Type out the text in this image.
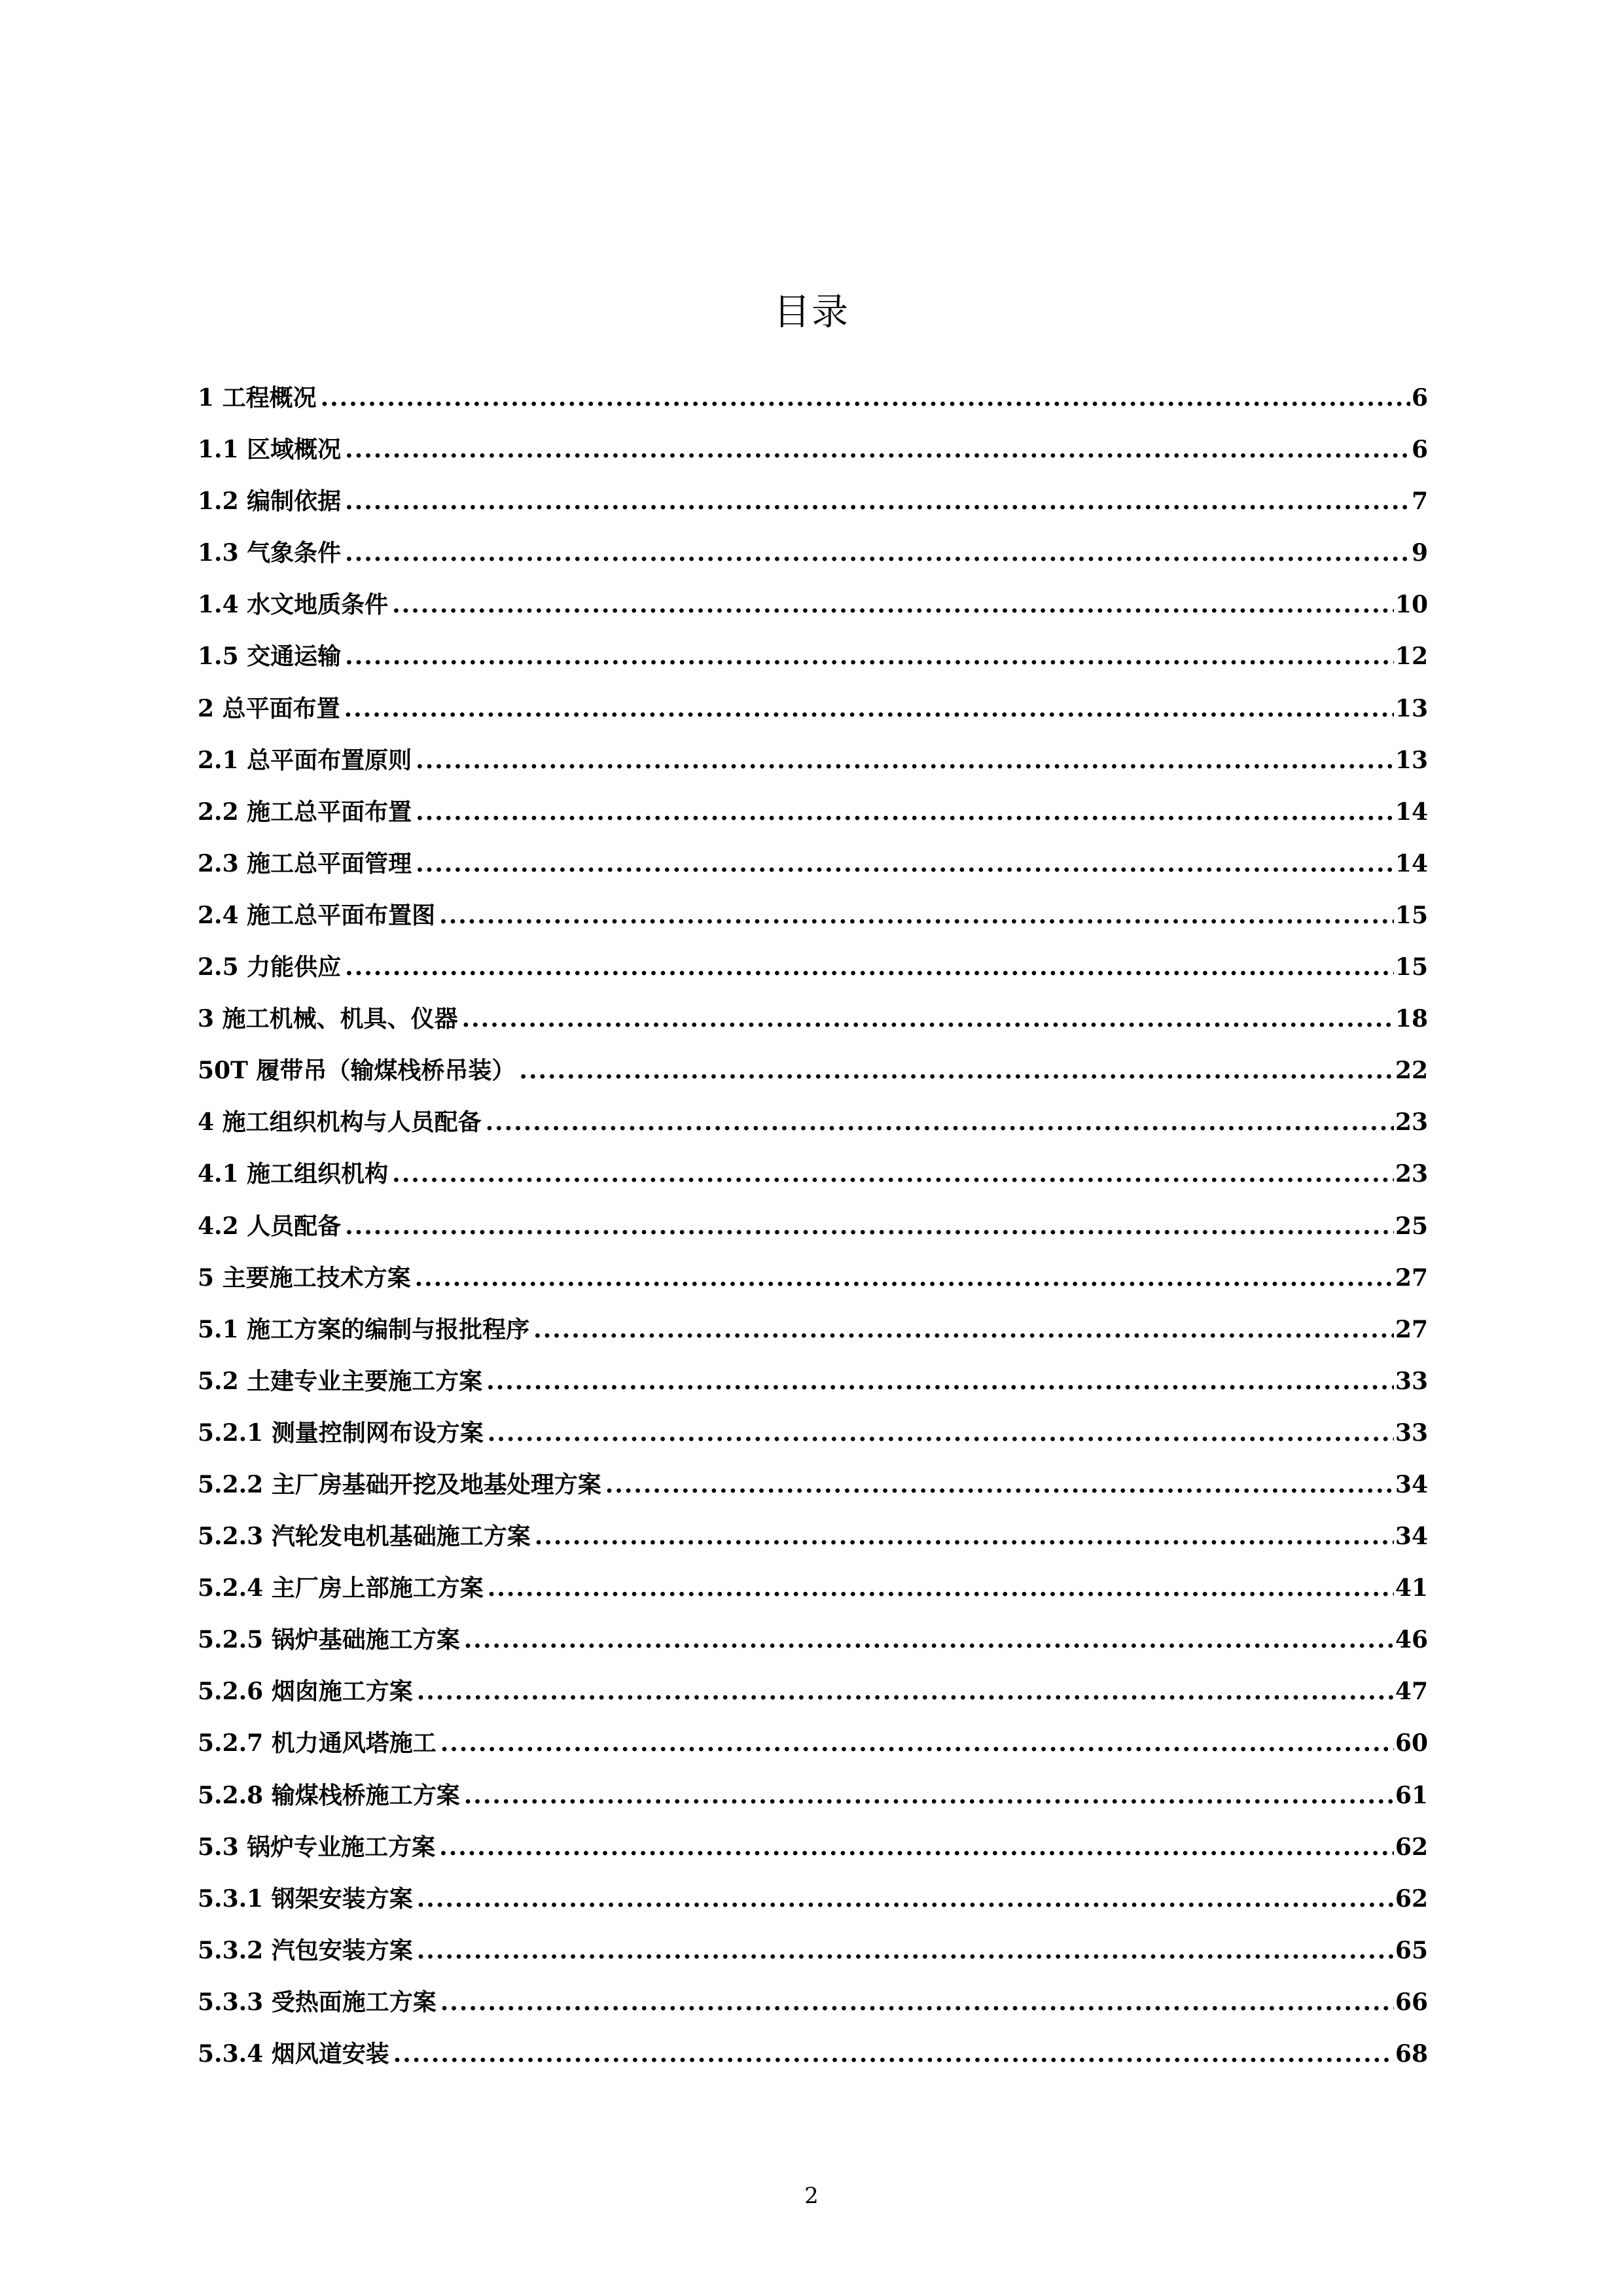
目录
1 工程概况 .....	6
1.1 区域概况 .....	6
1.2 编制依据 .....	7
1.3 气象条件 .....	9
1.4 水文地质条件 .....	10
1.5 交通运输 .....	12
2 总平面布置 .....	13
2.1 总平面布置原则 .....	13
2.2 施工总平面布置 .....	14
2.3 施工总平面管理 .....	14
2.4 施工总平面布置图 .....	15
2.5 力能供应 .....	15
3 施工机械、机具、仪器 .....	18
50T 履带吊（输煤栈桥吊装） .....	22
4 施工组织机构与人员配备 .....	23
4.1 施工组织机构 .....	23
4.2 人员配备 .....	25
5 主要施工技术方案 .....	27
5.1 施工方案的编制与报批程序 .....	27
5.2 土建专业主要施工方案 .....	33
5.2.1 测量控制网布设方案 .....	33
5.2.2 主厂房基础开挖及地基处理方案 .....	34
5.2.3 汽轮发电机基础施工方案 .....	34
5.2.4 主厂房上部施工方案 .....	41
5.2.5 锅炉基础施工方案 .....	46
5.2.6 烟囱施工方案 .....	47
5.2.7 机力通风塔施工 .....	60
5.2.8 输煤栈桥施工方案 .....	61
5.3 锅炉专业施工方案 .....	62
5.3.1 钢架安装方案 .....	62
5.3.2 汽包安装方案 .....	65
5.3.3 受热面施工方案 .....	66
5.3.4 烟风道安装 .....	68
2
